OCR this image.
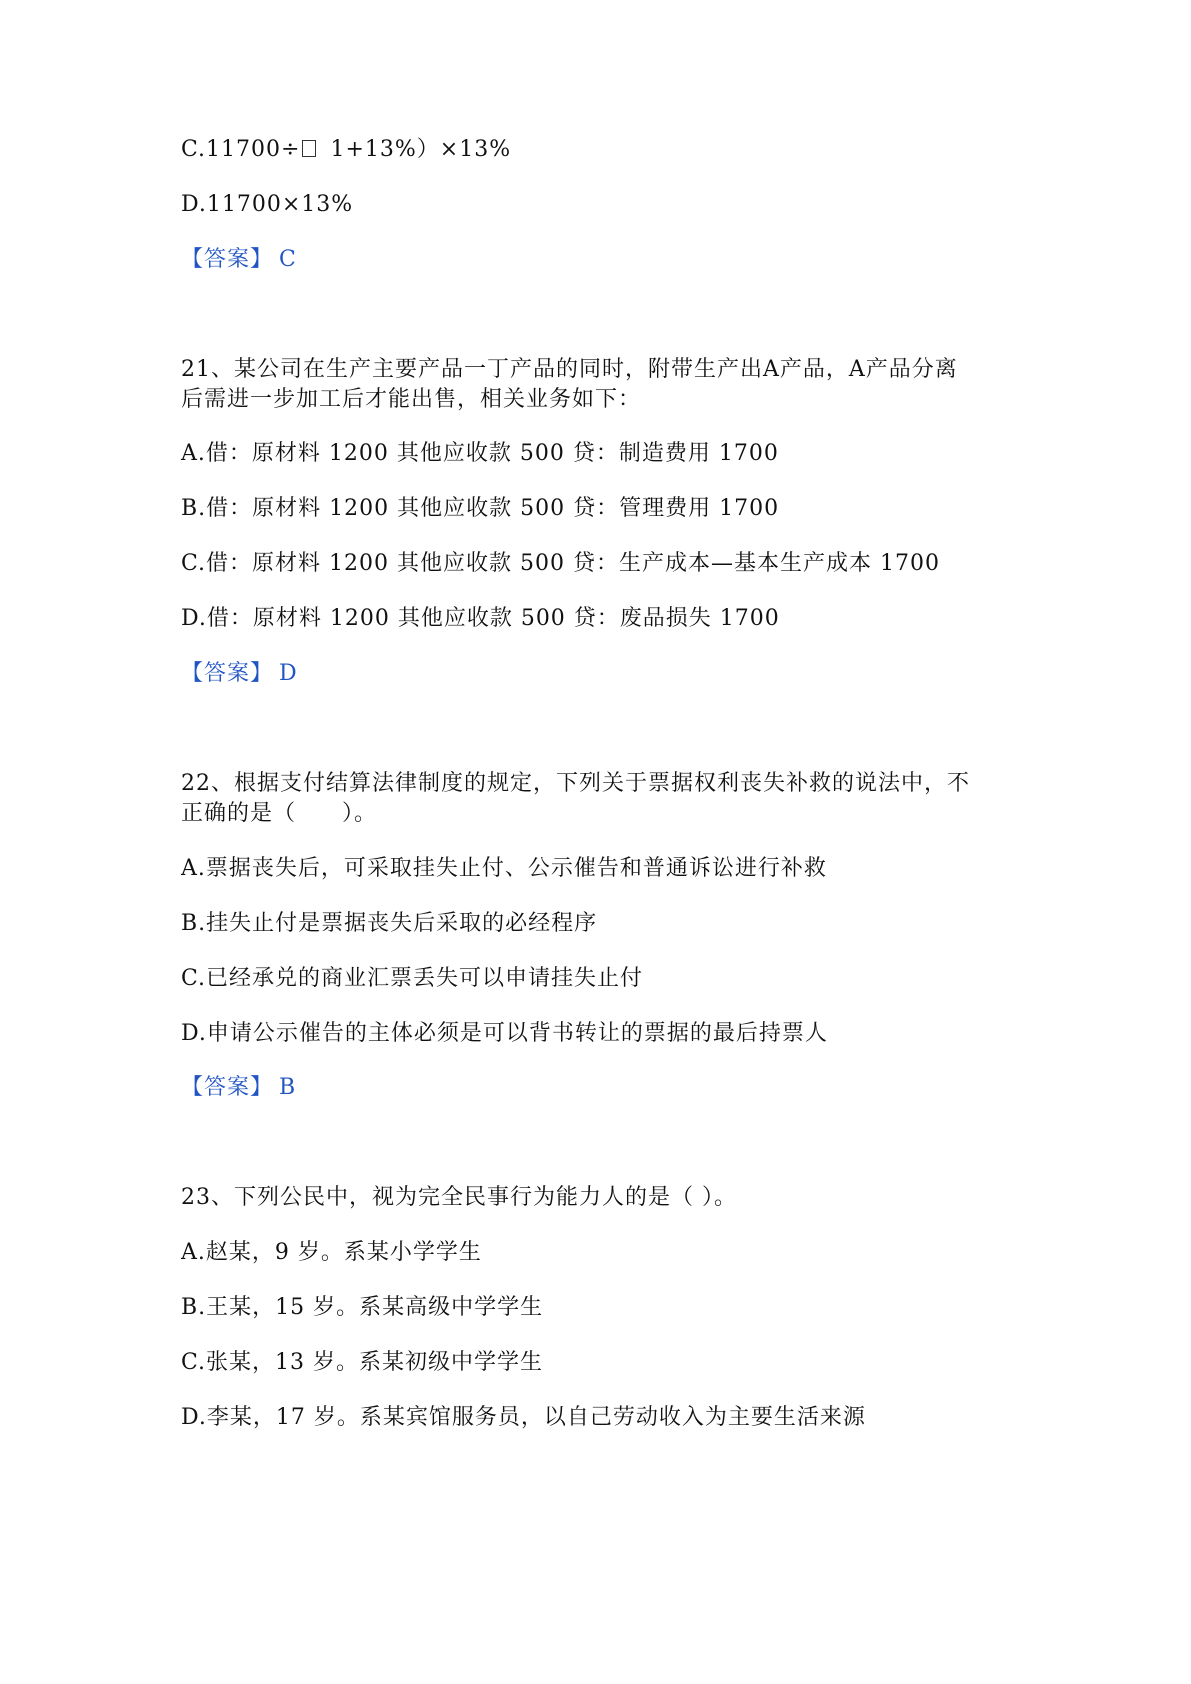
C.11700÷ 1+13%）×13%
D.11700×13%
【答案】 C
21、某公司在生产主要产品一丁产品的同时，附带生产出A产品，A产品分离
后需进一步加工后才能出售，相关业务如下：
A.借：原材料 1200 其他应收款 500 贷：制造费用 1700
B.借：原材料 1200 其他应收款 500 贷：管理费用 1700
C.借：原材料 1200 其他应收款 500 贷：生产成本—基本生产成本 1700
D.借：原材料 1200 其他应收款 500 贷：废品损失 1700
【答案】 D
22、根据支付结算法律制度的规定，下列关于票据权利丧失补救的说法中，不
正确的是（　　）。
A.票据丧失后，可采取挂失止付、公示催告和普通诉讼进行补救
B.挂失止付是票据丧失后采取的必经程序
C.已经承兑的商业汇票丢失可以申请挂失止付
D.申请公示催告的主体必须是可以背书转让的票据的最后持票人
【答案】 B
23、下列公民中，视为完全民事行为能力人的是（ ）。
A.赵某，9 岁。系某小学学生
B.王某，15 岁。系某高级中学学生
C.张某，13 岁。系某初级中学学生
D.李某，17 岁。系某宾馆服务员，以自己劳动收入为主要生活来源
